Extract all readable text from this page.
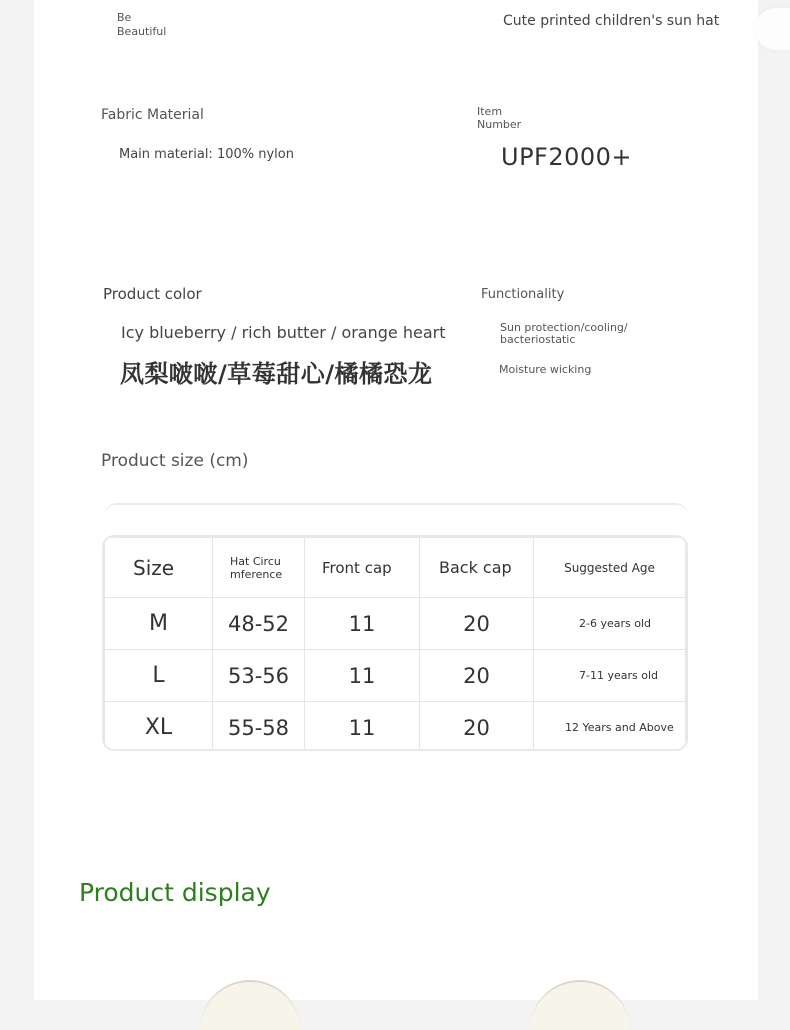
Be
Beautiful
Cute printed children's sun hat
Fabric Material
Main material: 100% nylon
Item
Number
UPF2000+
Product color
Icy blueberry / rich butter / orange heart
凤梨啵啵/草莓甜心/橘橘恐龙
Functionality
Sun protection/cooling/ bacteriostatic
Moisture wicking
Product size (cm)
Size	Hat Circu mference	Front cap	Back cap	Suggested Age
M	48-52	11	20	2-6 years old
L	53-56	11	20	7-11 years old
XL	55-58	11	20	12 Years and Above
Product display
